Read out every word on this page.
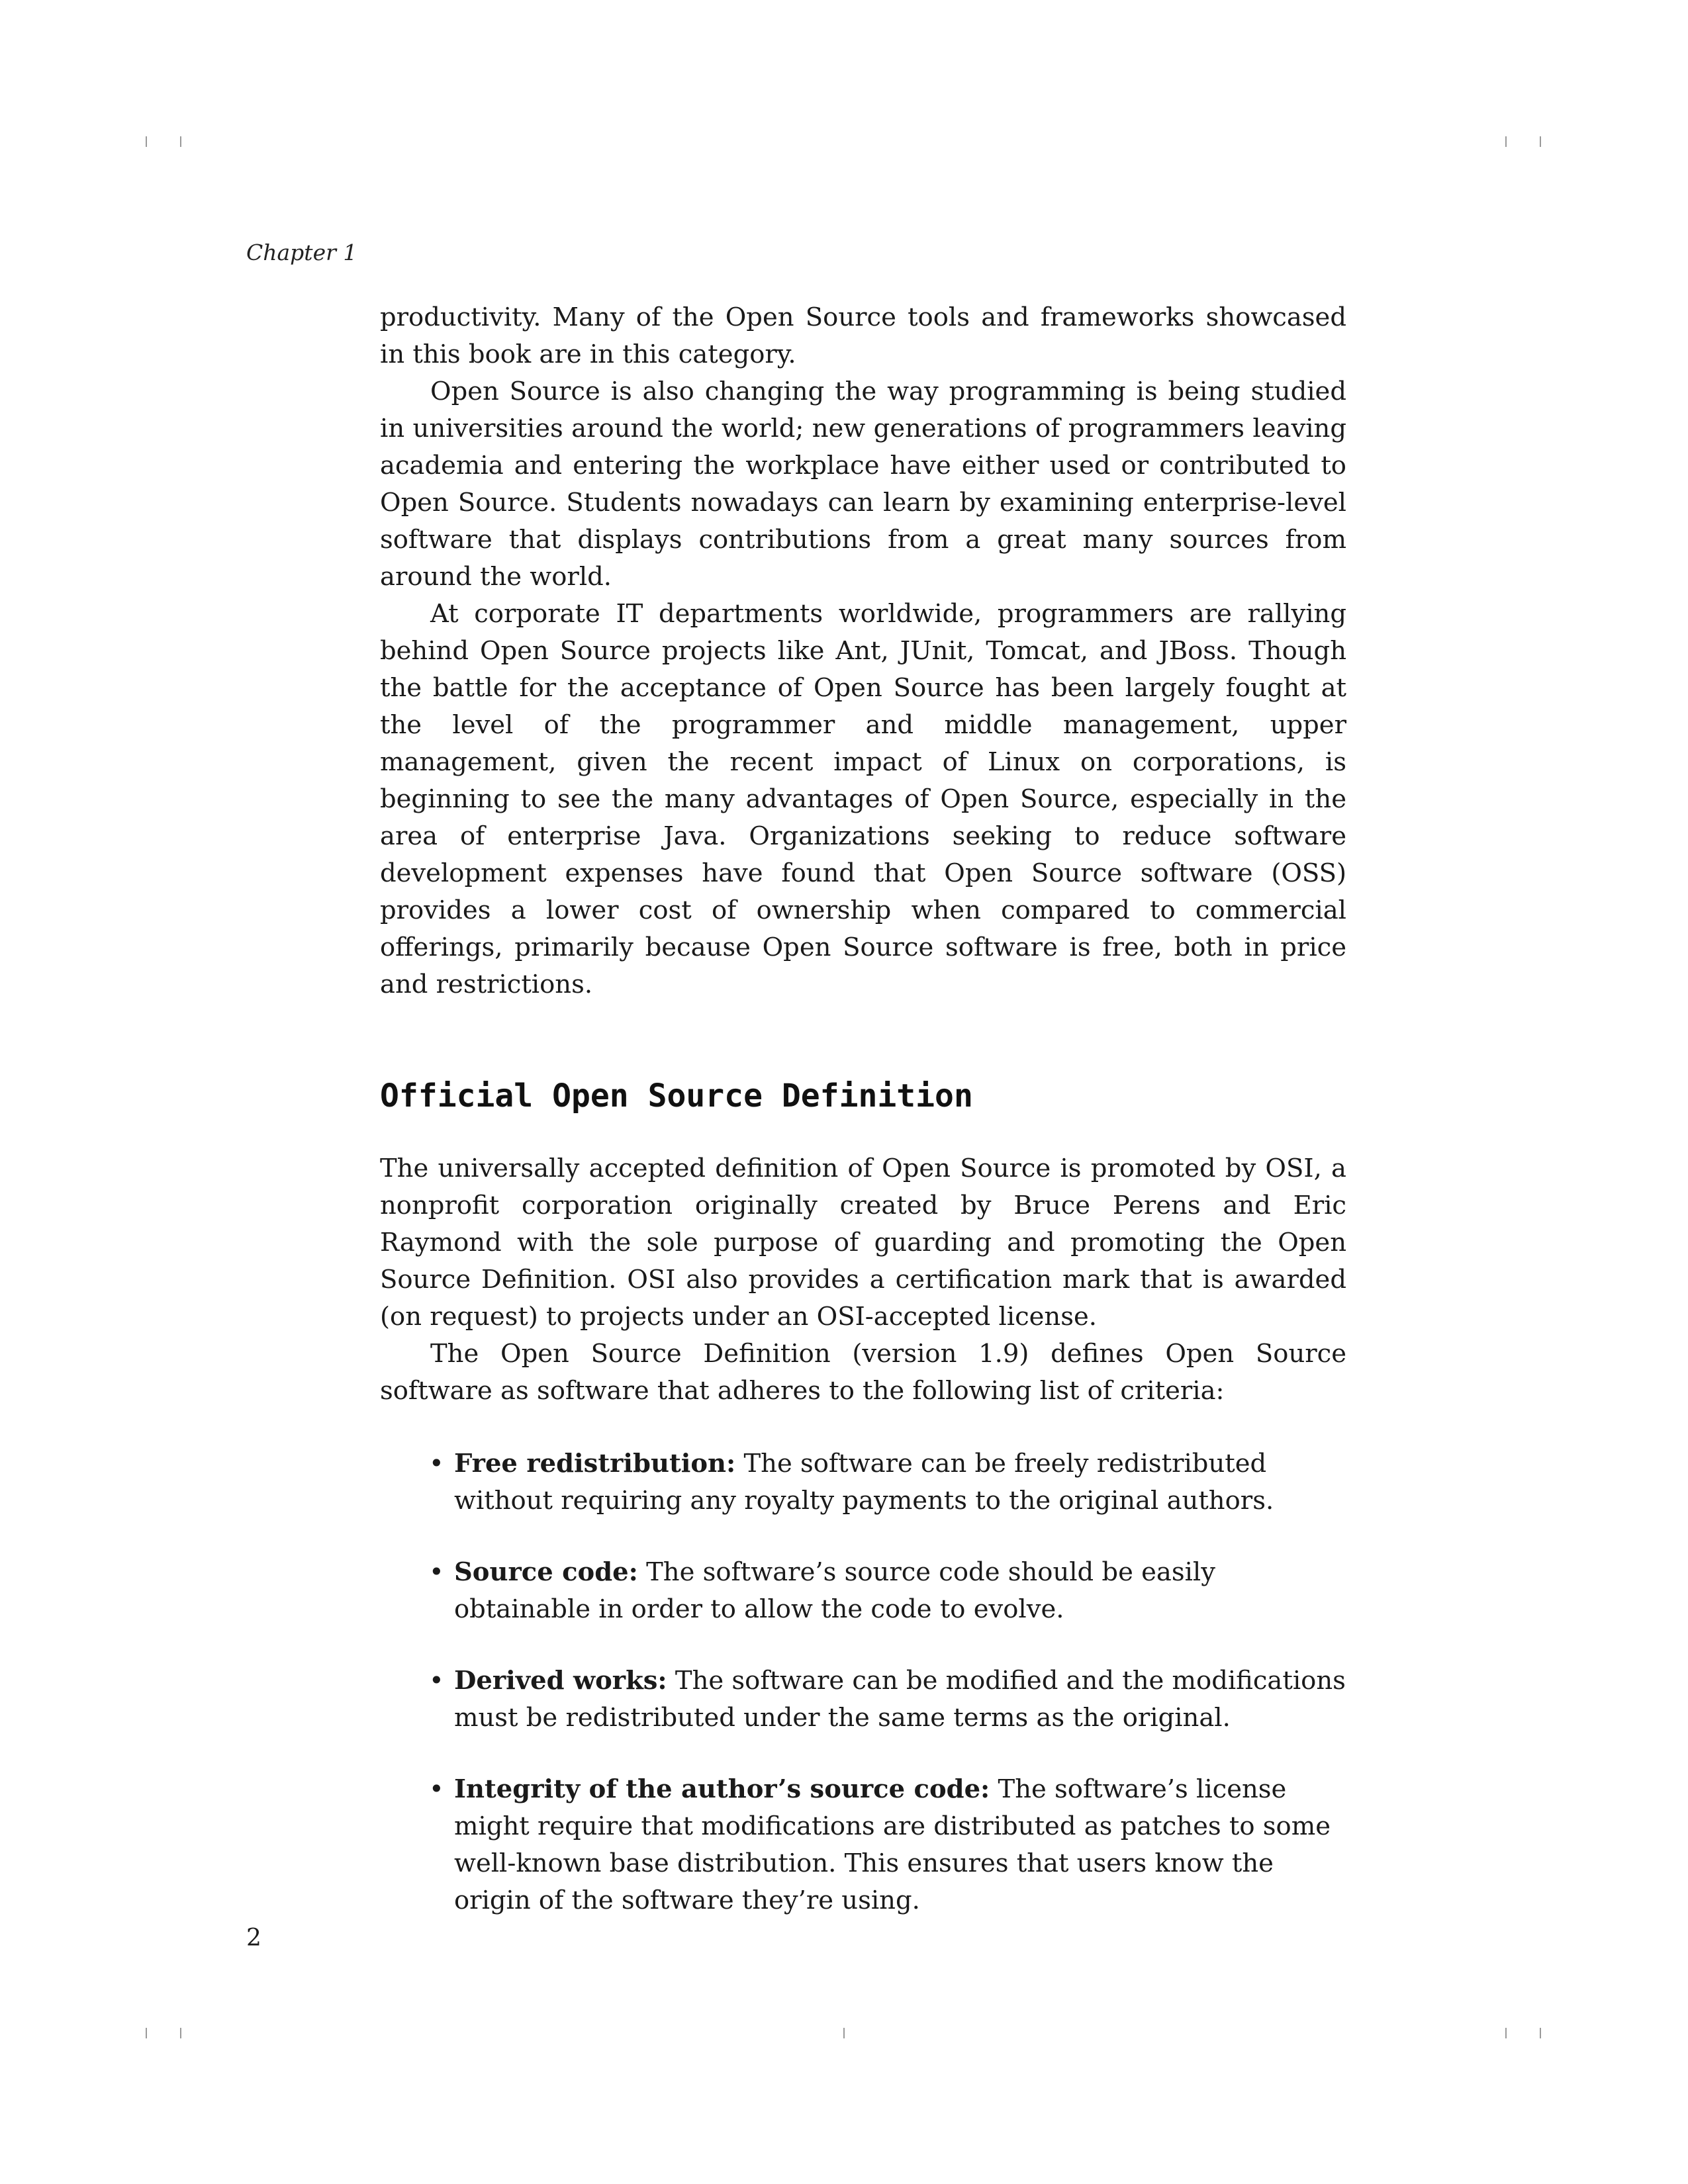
Chapter 1

productivity. Many of the Open Source tools and frameworks showcased in this book are in this category.

Open Source is also changing the way programming is being studied in universities around the world; new generations of programmers leaving academia and entering the workplace have either used or contributed to Open Source. Students nowadays can learn by examining enterprise-level software that displays contributions from a great many sources from around the world.

At corporate IT departments worldwide, programmers are rallying behind Open Source projects like Ant, JUnit, Tomcat, and JBoss. Though the battle for the acceptance of Open Source has been largely fought at the level of the programmer and middle management, upper management, given the recent impact of Linux on corporations, is beginning to see the many advantages of Open Source, especially in the area of enterprise Java. Organizations seeking to reduce software development expenses have found that Open Source software (OSS) provides a lower cost of ownership when compared to commercial offerings, primarily because Open Source software is free, both in price and restrictions.

Official Open Source Definition

The universally accepted definition of Open Source is promoted by OSI, a nonprofit corporation originally created by Bruce Perens and Eric Raymond with the sole purpose of guarding and promoting the Open Source Definition. OSI also provides a certification mark that is awarded (on request) to projects under an OSI-accepted license.

The Open Source Definition (version 1.9) defines Open Source software as software that adheres to the following list of criteria:

• Free redistribution: The software can be freely redistributed without requiring any royalty payments to the original authors.
• Source code: The software’s source code should be easily obtainable in order to allow the code to evolve.
• Derived works: The software can be modified and the modifications must be redistributed under the same terms as the original.
• Integrity of the author’s source code: The software’s license might require that modifications are distributed as patches to some well-known base distribution. This ensures that users know the origin of the software they’re using.
2
